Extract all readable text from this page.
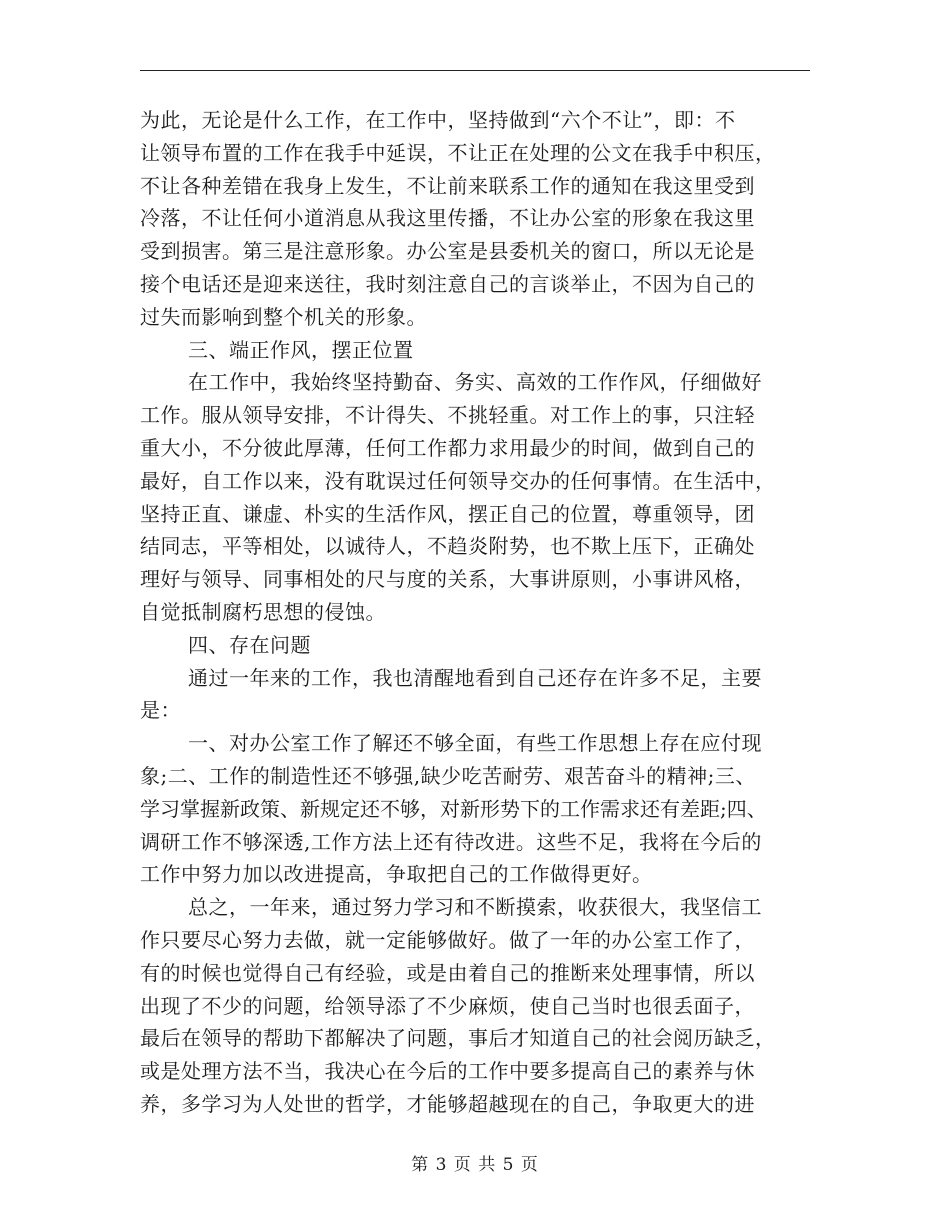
为此，无论是什么工作，在工作中，坚持做到“六个不让”，即：不
让领导布置的工作在我手中延误，不让正在处理的公文在我手中积压，
不让各种差错在我身上发生，不让前来联系工作的通知在我这里受到
冷落，不让任何小道消息从我这里传播，不让办公室的形象在我这里
受到损害。第三是注意形象。办公室是县委机关的窗口，所以无论是
接个电话还是迎来送往，我时刻注意自己的言谈举止，不因为自己的
过失而影响到整个机关的形象。
三、端正作风，摆正位置
在工作中，我始终坚持勤奋、务实、高效的工作作风，仔细做好
工作。服从领导安排，不计得失、不挑轻重。对工作上的事，只注轻
重大小，不分彼此厚薄，任何工作都力求用最少的时间，做到自己的
最好，自工作以来，没有耽误过任何领导交办的任何事情。在生活中，
坚持正直、谦虚、朴实的生活作风，摆正自己的位置，尊重领导，团
结同志，平等相处，以诚待人，不趋炎附势，也不欺上压下，正确处
理好与领导、同事相处的尺与度的关系，大事讲原则，小事讲风格，
自觉抵制腐朽思想的侵蚀。
四、存在问题
通过一年来的工作，我也清醒地看到自己还存在许多不足，主要
是：
一、对办公室工作了解还不够全面，有些工作思想上存在应付现
象;二、工作的制造性还不够强,缺少吃苦耐劳、艰苦奋斗的精神;三、
学习掌握新政策、新规定还不够，对新形势下的工作需求还有差距;四、
调研工作不够深透,工作方法上还有待改进。这些不足，我将在今后的
工作中努力加以改进提高，争取把自己的工作做得更好。
总之，一年来，通过努力学习和不断摸索，收获很大，我坚信工
作只要尽心努力去做，就一定能够做好。做了一年的办公室工作了，
有的时候也觉得自己有经验，或是由着自己的推断来处理事情，所以
出现了不少的问题，给领导添了不少麻烦，使自己当时也很丢面子，
最后在领导的帮助下都解决了问题，事后才知道自己的社会阅历缺乏，
或是处理方法不当，我决心在今后的工作中要多提高自己的素养与休
养，多学习为人处世的哲学，才能够超越现在的自己，争取更大的进
第 3 页 共 5 页
